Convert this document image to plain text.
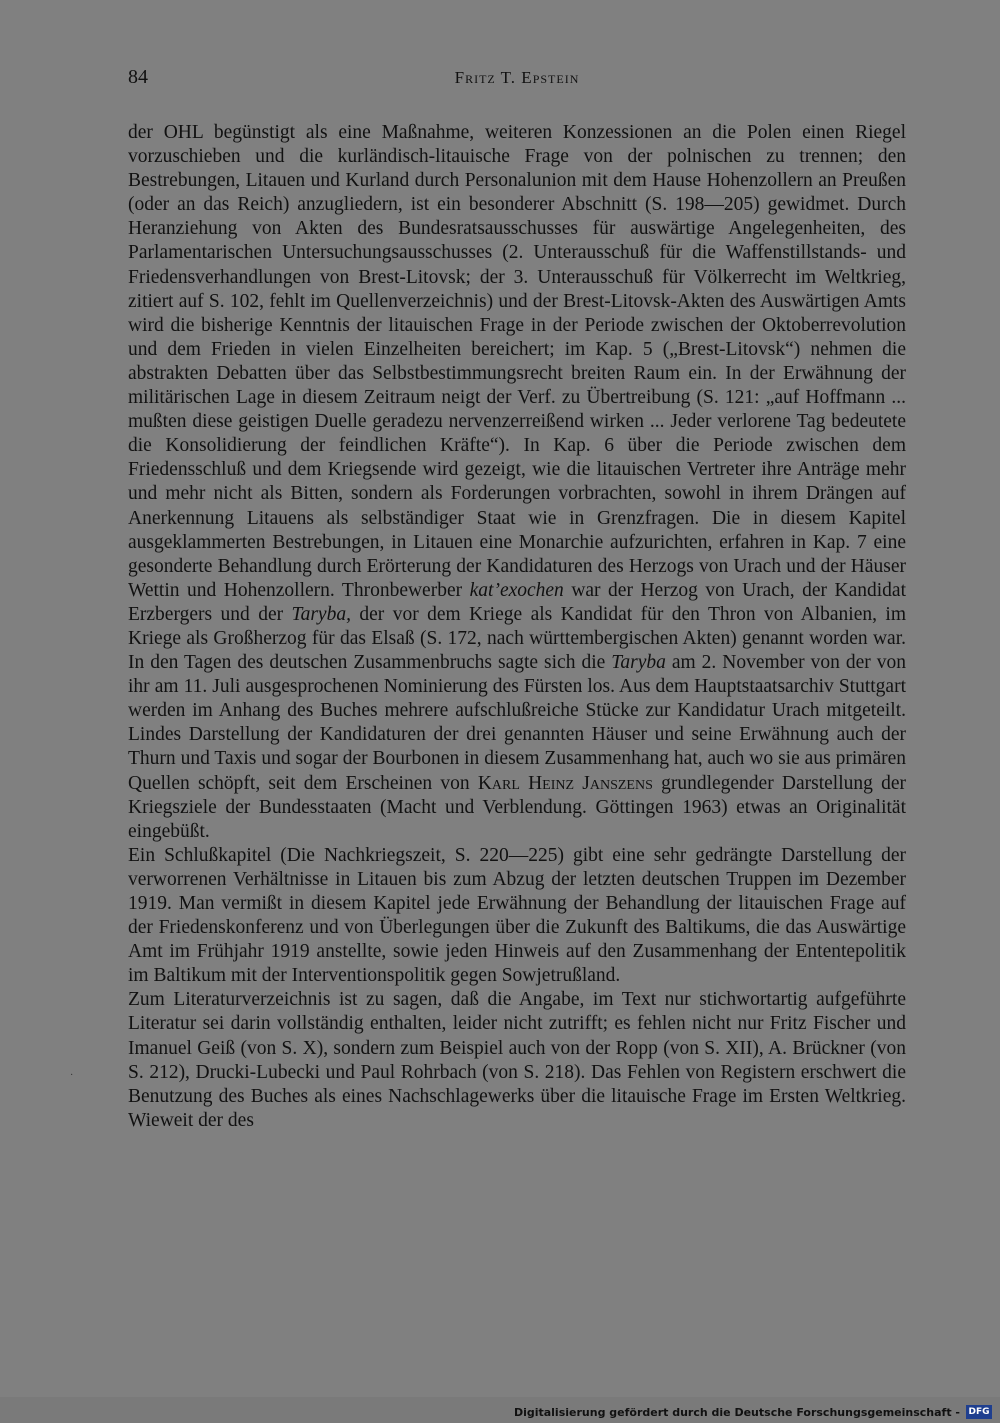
84	Fritz T. Epstein

der OHL begünstigt als eine Maßnahme, weiteren Konzessionen an die Polen einen Riegel vorzuschieben und die kurländisch-litauische Frage von der polnischen zu trennen; den Bestrebungen, Litauen und Kurland durch Personalunion mit dem Hause Hohenzollern an Preußen (oder an das Reich) anzugliedern, ist ein besonderer Abschnitt (S. 198—205) gewidmet. Durch Heranziehung von Akten des Bundesratsausschusses für auswärtige Angelegenheiten, des Parlamentarischen Untersuchungsausschusses (2. Unterausschuß für die Waffenstillstands- und Friedensverhandlungen von Brest-Litovsk; der 3. Unterausschuß für Völkerrecht im Weltkrieg, zitiert auf S. 102, fehlt im Quellenverzeichnis) und der Brest-Litovsk-Akten des Auswärtigen Amts wird die bisherige Kenntnis der litauischen Frage in der Periode zwischen der Oktoberrevolution und dem Frieden in vielen Einzelheiten bereichert; im Kap. 5 („Brest-Litovsk“) nehmen die abstrakten Debatten über das Selbstbestimmungsrecht breiten Raum ein. In der Erwähnung der militärischen Lage in diesem Zeitraum neigt der Verf. zu Übertreibung (S. 121: „auf Hoffmann ... mußten diese geistigen Duelle geradezu nervenzerreißend wirken ... Jeder verlorene Tag bedeutete die Konsolidierung der feindlichen Kräfte“). In Kap. 6 über die Periode zwischen dem Friedensschluß und dem Kriegsende wird gezeigt, wie die litauischen Vertreter ihre Anträge mehr und mehr nicht als Bitten, sondern als Forderungen vorbrachten, sowohl in ihrem Drängen auf Anerkennung Litauens als selbständiger Staat wie in Grenzfragen. Die in diesem Kapitel ausgeklammerten Bestrebungen, in Litauen eine Monarchie aufzurichten, erfahren in Kap. 7 eine gesonderte Behandlung durch Erörterung der Kandidaturen des Herzogs von Urach und der Häuser Wettin und Hohenzollern. Thronbewerber kat’exochen war der Herzog von Urach, der Kandidat Erzbergers und der Taryba, der vor dem Kriege als Kandidat für den Thron von Albanien, im Kriege als Großherzog für das Elsaß (S. 172, nach württembergischen Akten) genannt worden war. In den Tagen des deutschen Zusammenbruchs sagte sich die Taryba am 2. November von der von ihr am 11. Juli ausgesprochenen Nominierung des Fürsten los. Aus dem Hauptstaatsarchiv Stuttgart werden im Anhang des Buches mehrere aufschlußreiche Stücke zur Kandidatur Urach mitgeteilt. Lindes Darstellung der Kandidaturen der drei genannten Häuser und seine Erwähnung auch der Thurn und Taxis und sogar der Bourbonen in diesem Zusammenhang hat, auch wo sie aus primären Quellen schöpft, seit dem Erscheinen von Karl Heinz Janszens grundlegender Darstellung der Kriegsziele der Bundesstaaten (Macht und Verblendung. Göttingen 1963) etwas an Originalität eingebüßt.

Ein Schlußkapitel (Die Nachkriegszeit, S. 220—225) gibt eine sehr gedrängte Darstellung der verworrenen Verhältnisse in Litauen bis zum Abzug der letzten deutschen Truppen im Dezember 1919. Man vermißt in diesem Kapitel jede Erwähnung der Behandlung der litauischen Frage auf der Friedenskonferenz und von Überlegungen über die Zukunft des Baltikums, die das Auswärtige Amt im Frühjahr 1919 anstellte, sowie jeden Hinweis auf den Zusammenhang der Ententepolitik im Baltikum mit der Interventionspolitik gegen Sowjetrußland.

Zum Literaturverzeichnis ist zu sagen, daß die Angabe, im Text nur stichwortartig aufgeführte Literatur sei darin vollständig enthalten, leider nicht zutrifft; es fehlen nicht nur Fritz Fischer und Imanuel Geiß (von S. X), sondern zum Beispiel auch von der Ropp (von S. XII), A. Brückner (von S. 212), Drucki-Lubecki und Paul Rohrbach (von S. 218). Das Fehlen von Registern erschwert die Benutzung des Buches als eines Nachschlagewerks über die litauische Frage im Ersten Weltkrieg. Wieweit der des

·
Digitalisierung gefördert durch die Deutsche Forschungsgemeinschaft - DFG
